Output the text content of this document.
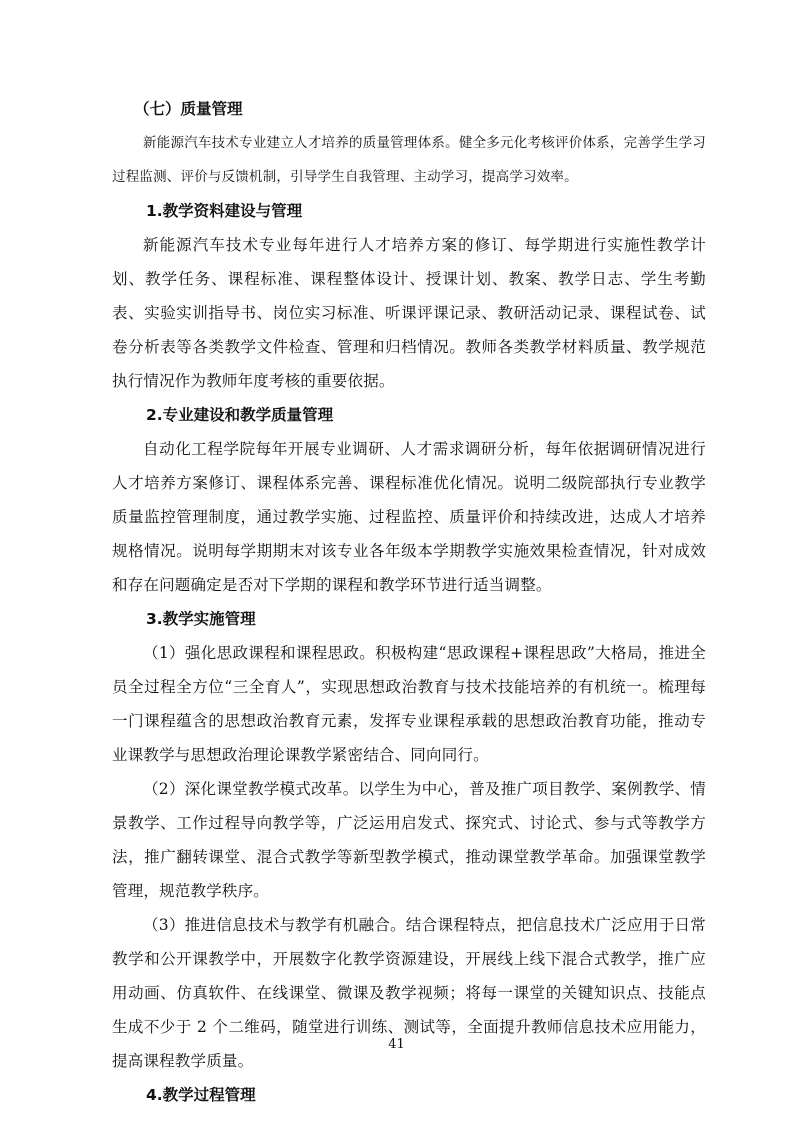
（七）质量管理

新能源汽车技术专业建立人才培养的质量管理体系。健全多元化考核评价体系，完善学生学习过程监测、评价与反馈机制，引导学生自我管理、主动学习，提高学习效率。

1.教学资料建设与管理

新能源汽车技术专业每年进行人才培养方案的修订、每学期进行实施性教学计划、教学任务、课程标准、课程整体设计、授课计划、教案、教学日志、学生考勤表、实验实训指导书、岗位实习标准、听课评课记录、教研活动记录、课程试卷、试卷分析表等各类教学文件检查、管理和归档情况。教师各类教学材料质量、教学规范执行情况作为教师年度考核的重要依据。

2.专业建设和教学质量管理

自动化工程学院每年开展专业调研、人才需求调研分析，每年依据调研情况进行人才培养方案修订、课程体系完善、课程标准优化情况。说明二级院部执行专业教学质量监控管理制度，通过教学实施、过程监控、质量评价和持续改进，达成人才培养规格情况。说明每学期期末对该专业各年级本学期教学实施效果检查情况，针对成效和存在问题确定是否对下学期的课程和教学环节进行适当调整。

3.教学实施管理

（1）强化思政课程和课程思政。积极构建“思政课程+课程思政”大格局，推进全员全过程全方位“三全育人”，实现思想政治教育与技术技能培养的有机统一。梳理每一门课程蕴含的思想政治教育元素，发挥专业课程承载的思想政治教育功能，推动专业课教学与思想政治理论课教学紧密结合、同向同行。

（2）深化课堂教学模式改革。以学生为中心，普及推广项目教学、案例教学、情景教学、工作过程导向教学等，广泛运用启发式、探究式、讨论式、参与式等教学方法，推广翻转课堂、混合式教学等新型教学模式，推动课堂教学革命。加强课堂教学管理，规范教学秩序。

（3）推进信息技术与教学有机融合。结合课程特点，把信息技术广泛应用于日常教学和公开课教学中，开展数字化教学资源建设，开展线上线下混合式教学，推广应用动画、仿真软件、在线课堂、微课及教学视频；将每一课堂的关键知识点、技能点生成不少于 2 个二维码，随堂进行训练、测试等，全面提升教师信息技术应用能力，提高课程教学质量。

4.教学过程管理
41
